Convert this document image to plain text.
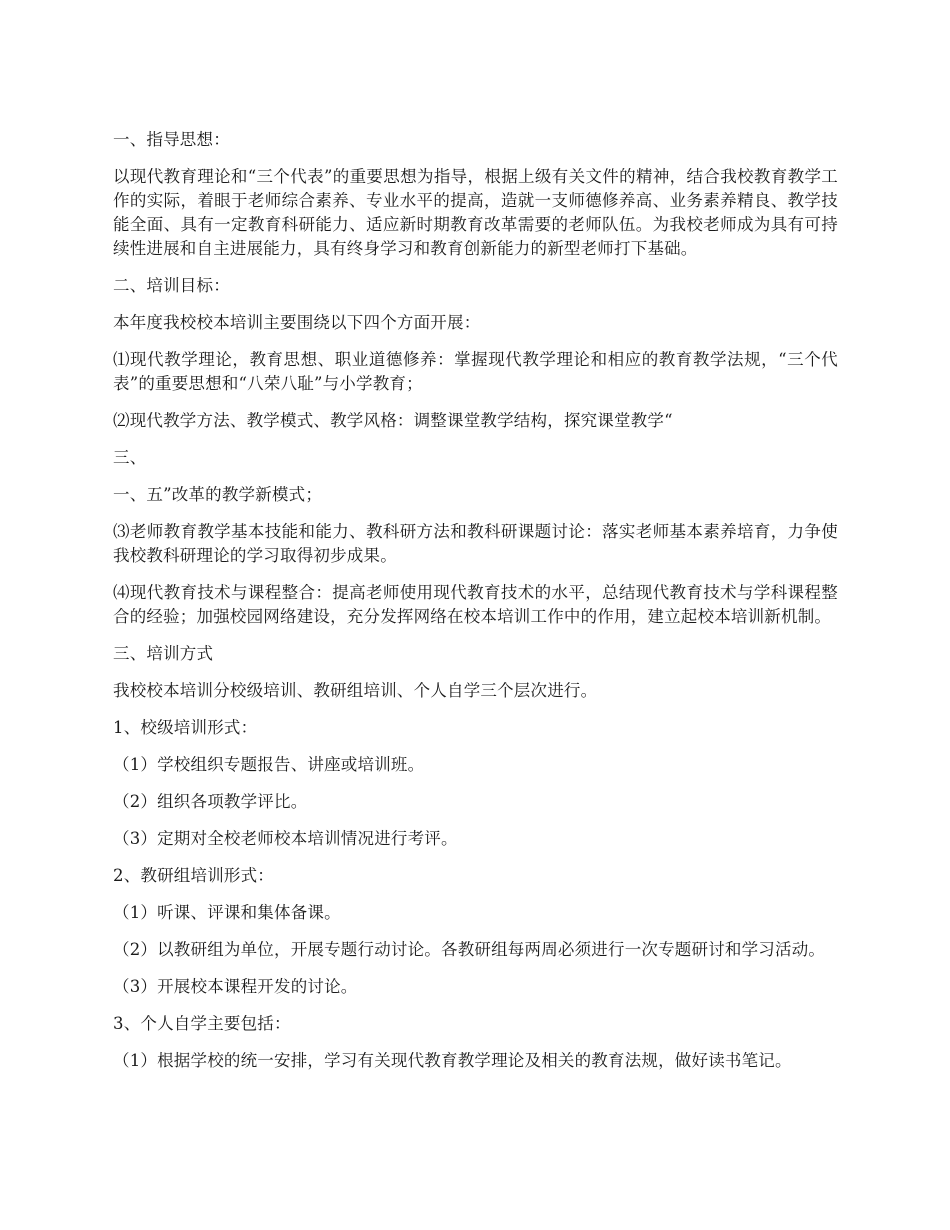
一、指导思想：

以现代教育理论和“三个代表”的重要思想为指导，根据上级有关文件的精神，结合我校教育教学工作的实际，着眼于老师综合素养、专业水平的提高，造就一支师德修养高、业务素养精良、教学技能全面、具有一定教育科研能力、适应新时期教育改革需要的老师队伍。为我校老师成为具有可持续性进展和自主进展能力，具有终身学习和教育创新能力的新型老师打下基础。

二、培训目标：

本年度我校校本培训主要围绕以下四个方面开展：

⑴现代教学理论，教育思想、职业道德修养：掌握现代教学理论和相应的教育教学法规，“三个代表”的重要思想和“八荣八耻”与小学教育；

⑵现代教学方法、教学模式、教学风格：调整课堂教学结构，探究课堂教学“

三、

一、五”改革的教学新模式；

⑶老师教育教学基本技能和能力、教科研方法和教科研课题讨论：落实老师基本素养培育，力争使我校教科研理论的学习取得初步成果。

⑷现代教育技术与课程整合：提高老师使用现代教育技术的水平，总结现代教育技术与学科课程整合的经验；加强校园网络建设，充分发挥网络在校本培训工作中的作用，建立起校本培训新机制。

三、培训方式

我校校本培训分校级培训、教研组培训、个人自学三个层次进行。

1、校级培训形式：

（1）学校组织专题报告、讲座或培训班。

（2）组织各项教学评比。

（3）定期对全校老师校本培训情况进行考评。

2、教研组培训形式：

（1）听课、评课和集体备课。

（2）以教研组为单位，开展专题行动讨论。各教研组每两周必须进行一次专题研讨和学习活动。

（3）开展校本课程开发的讨论。

3、个人自学主要包括：

（1）根据学校的统一安排，学习有关现代教育教学理论及相关的教育法规，做好读书笔记。
